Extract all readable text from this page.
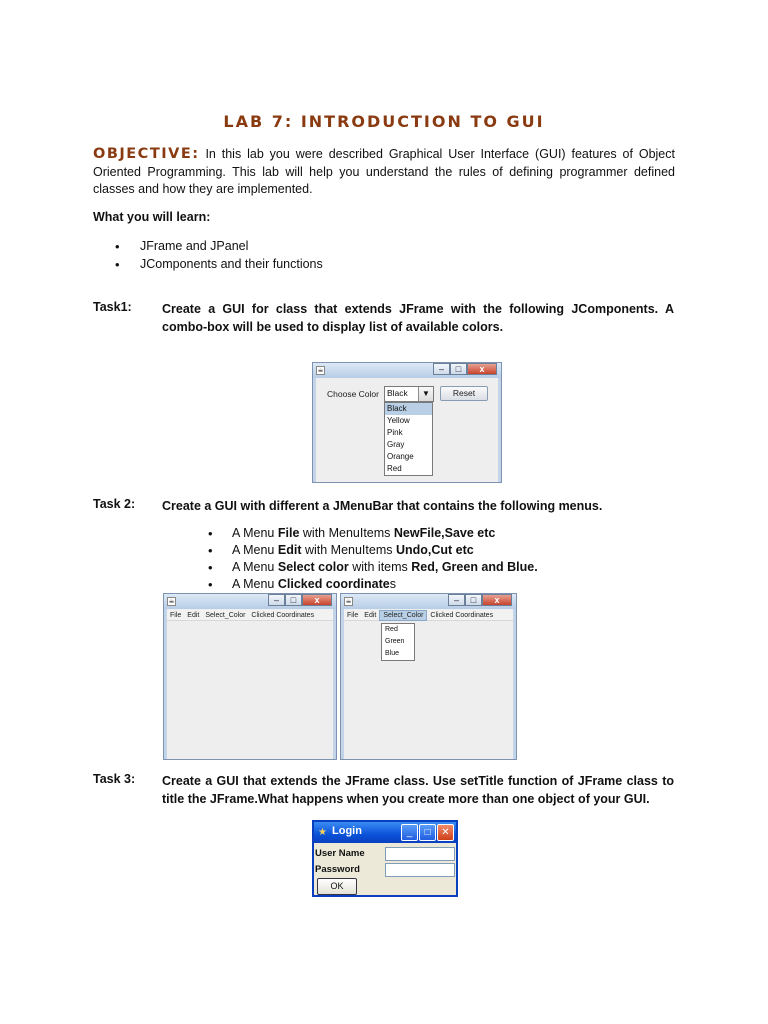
LAB 7: INTRODUCTION TO GUI

OBJECTIVE: In this lab you were described Graphical User Interface (GUI) features of Object Oriented Programming. This lab will help you understand the rules of defining programmer defined classes and how they are implemented.

What you will learn:
• JFrame and JPanel
• JComponents and their functions
Task1: Create a GUI for class that extends JFrame with the following JComponents. A combo-box will be used to display list of available colors.
☕	–	□	x
Choose Color Black	▼	Reset
Black
Yellow
Pink
Gray
Orange
Red
Task 2: Create a GUI with different a JMenuBar that contains the following menus.
• A Menu File with MenuItems NewFile,Save etc
• A Menu Edit with MenuItems Undo,Cut etc
• A Menu Select color with items Red, Green and Blue.
• A Menu Clicked coordinates
☕	–	□	x
File Edit Select_Color Clicked Coordinates
☕	–	□	x
File Edit Select_Color Clicked Coordinates
Red
Green
Blue
Task 3: Create a GUI that extends the JFrame class. Use setTitle function of JFrame class to title the JFrame.What happens when you create more than one object of your GUI.
★ Login	_	□	✕
User Name
Password
OK
